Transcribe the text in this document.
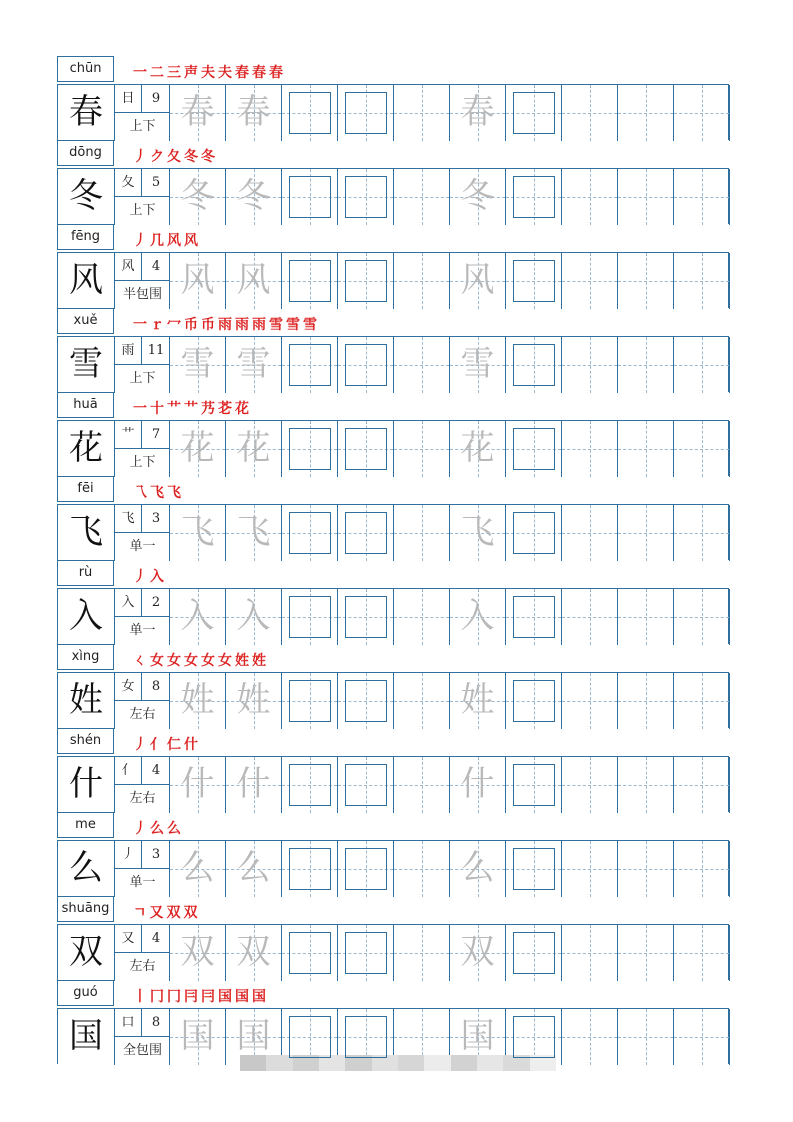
chūn	一 二 三 声 夫 夫 春 春 春
春	日	9
上下 春 春	春
dōng	丿 ク 夂 冬 冬
冬	夂	5
上下 冬 冬	冬
fēng	丿 几 风 风
风	风	4
半包围 风 风	风
xuě	一 ｒ 冖 币 币 雨 雨 雨 雪 雪 雪
雪	雨	11
上下 雪 雪	雪
huā	一 十 艹 艹 艿 芲 花
花	艹	7
上下 花 花	花
fēi	乁 飞 飞
飞	飞	3
单一 飞 飞	飞
rù	丿 入
入	入	2
单一 入 入	入
xìng	ㄑ 女 女 女 女 女 姓 姓
姓	女	8
左右 姓 姓	姓
shén	丿 亻 仁 什
什	亻	4
左右 什 什	什
me	丿 么 么
么	丿	3
单一 么 么	么
shuāng	ㄱ 又 双 双
双	又	4
左右 双 双	双
guó	丨 冂 冂 冃 冃 国 国 国
国	口	8
全包围 国 国	国
